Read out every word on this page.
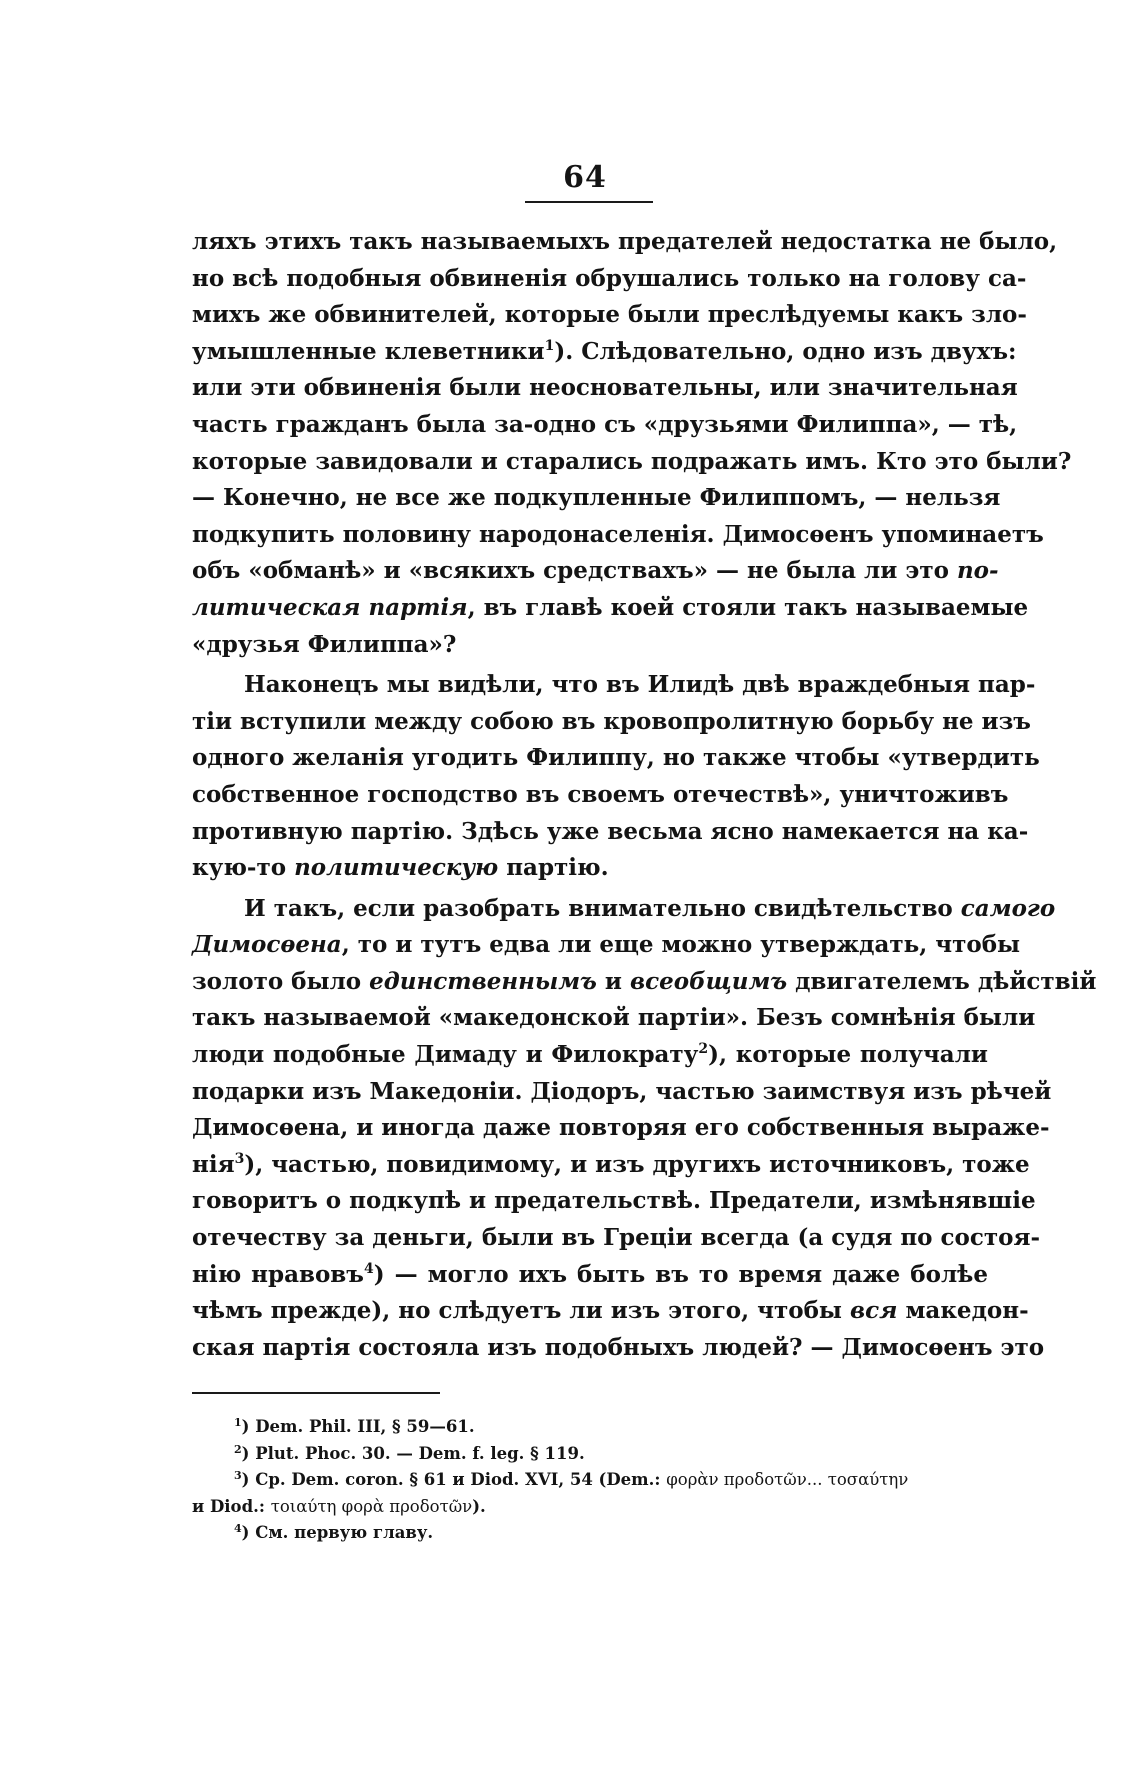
64
ляхъ этихъ такъ называемыхъ предателей недостатка не было,
но всѣ подобныя обвиненія обрушались только на голову са-
михъ же обвинителей, которые были преслѣдуемы какъ зло-
умышленные клеветники$^1$). Слѣдовательно, одно изъ двухъ:
или эти обвиненія были неосновательны, или значительная
часть гражданъ была за-одно съ «друзьями Филиппа», — тѣ,
которые завидовали и старались подражать имъ. Кто это были?
— Конечно, не все же подкупленные Филиппомъ, — нельзя
подкупить половину народонаселенія. Димосѳенъ упоминаетъ
объ «обманѣ» и «всякихъ средствахъ» — не была ли это по-
литическая партія, въ главѣ коей стояли такъ называемые
«друзья Филиппа»?
Наконецъ мы видѣли, что въ Илидѣ двѣ враждебныя пар-
тіи вступили между собою въ кровопролитную борьбу не изъ
одного желанія угодить Филиппу, но также чтобы «утвердить
собственное господство въ своемъ отечествѣ», уничтоживъ
противную партію. Здѣсь уже весьма ясно намекается на ка-
кую-то политическую партію.
И такъ, если разобрать внимательно свидѣтельство самого
Димосѳена, то и тутъ едва ли еще можно утверждать, чтобы
золото было единственнымъ и всеобщимъ двигателемъ дѣйствій
такъ называемой «македонской партіи». Безъ сомнѣнія были
люди подобные Димаду и Филократу$^2$), которые получали
подарки изъ Македоніи. Діодоръ, частью заимствуя изъ рѣчей
Димосѳена, и иногда даже повторяя его собственныя выраже-
нія$^3$), частью, повидимому, и изъ другихъ источниковъ, тоже
говоритъ о подкупѣ и предательствѣ. Предатели, измѣнявшіе
отечеству за деньги, были въ Греціи всегда (а судя по состоя-
нію нравовъ$^4$) — могло ихъ быть въ то время даже болѣе
чѣмъ прежде), но слѣдуетъ ли изъ этого, чтобы вся македон-
ская партія состояла изъ подобныхъ людей? — Димосѳенъ это
$^1$) Dem. Phil. III, § 59—61.
$^2$) Plut. Phoc. 30. — Dem. f. leg. § 119.
$^3$) Cp. Dem. coron. § 61 и Diod. XVI, 54 (Dem.: φορὰν προδοτῶν... τοσαύτην
и Diod.: τοιαύτη φορὰ προδοτῶν).
$^4$) См. первую главу.
